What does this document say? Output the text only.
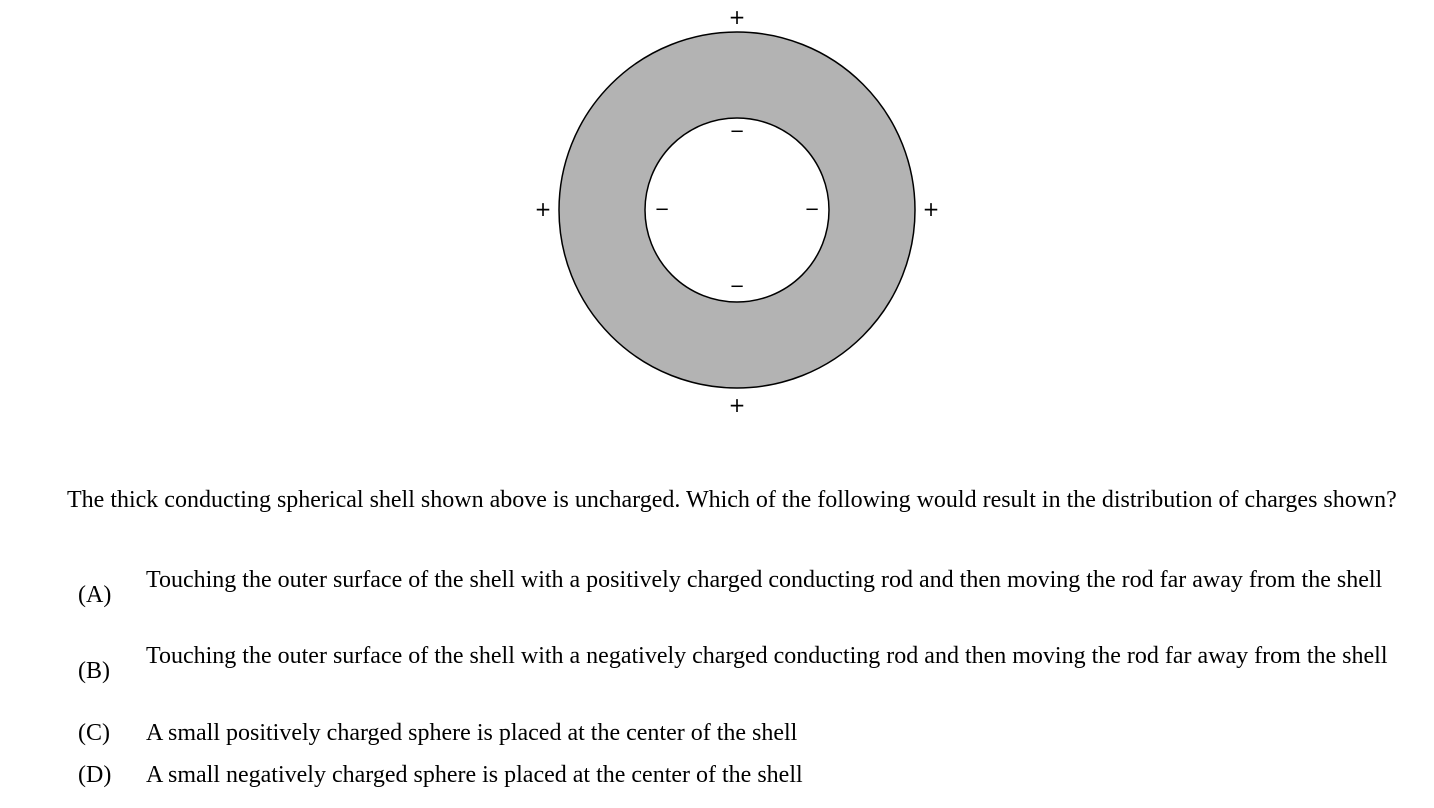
+
+	+
+
−
−	−
−

The thick conducting spherical shell shown above is uncharged. Which of the following would result in the distribution of charges shown?

(A)
Touching the outer surface of the shell with a positively charged conducting rod and then moving the rod far away from the shell
(B)
Touching the outer surface of the shell with a negatively charged conducting rod and then moving the rod far away from the shell
(C)	A small positively charged sphere is placed at the center of the shell
(D)	A small negatively charged sphere is placed at the center of the shell
